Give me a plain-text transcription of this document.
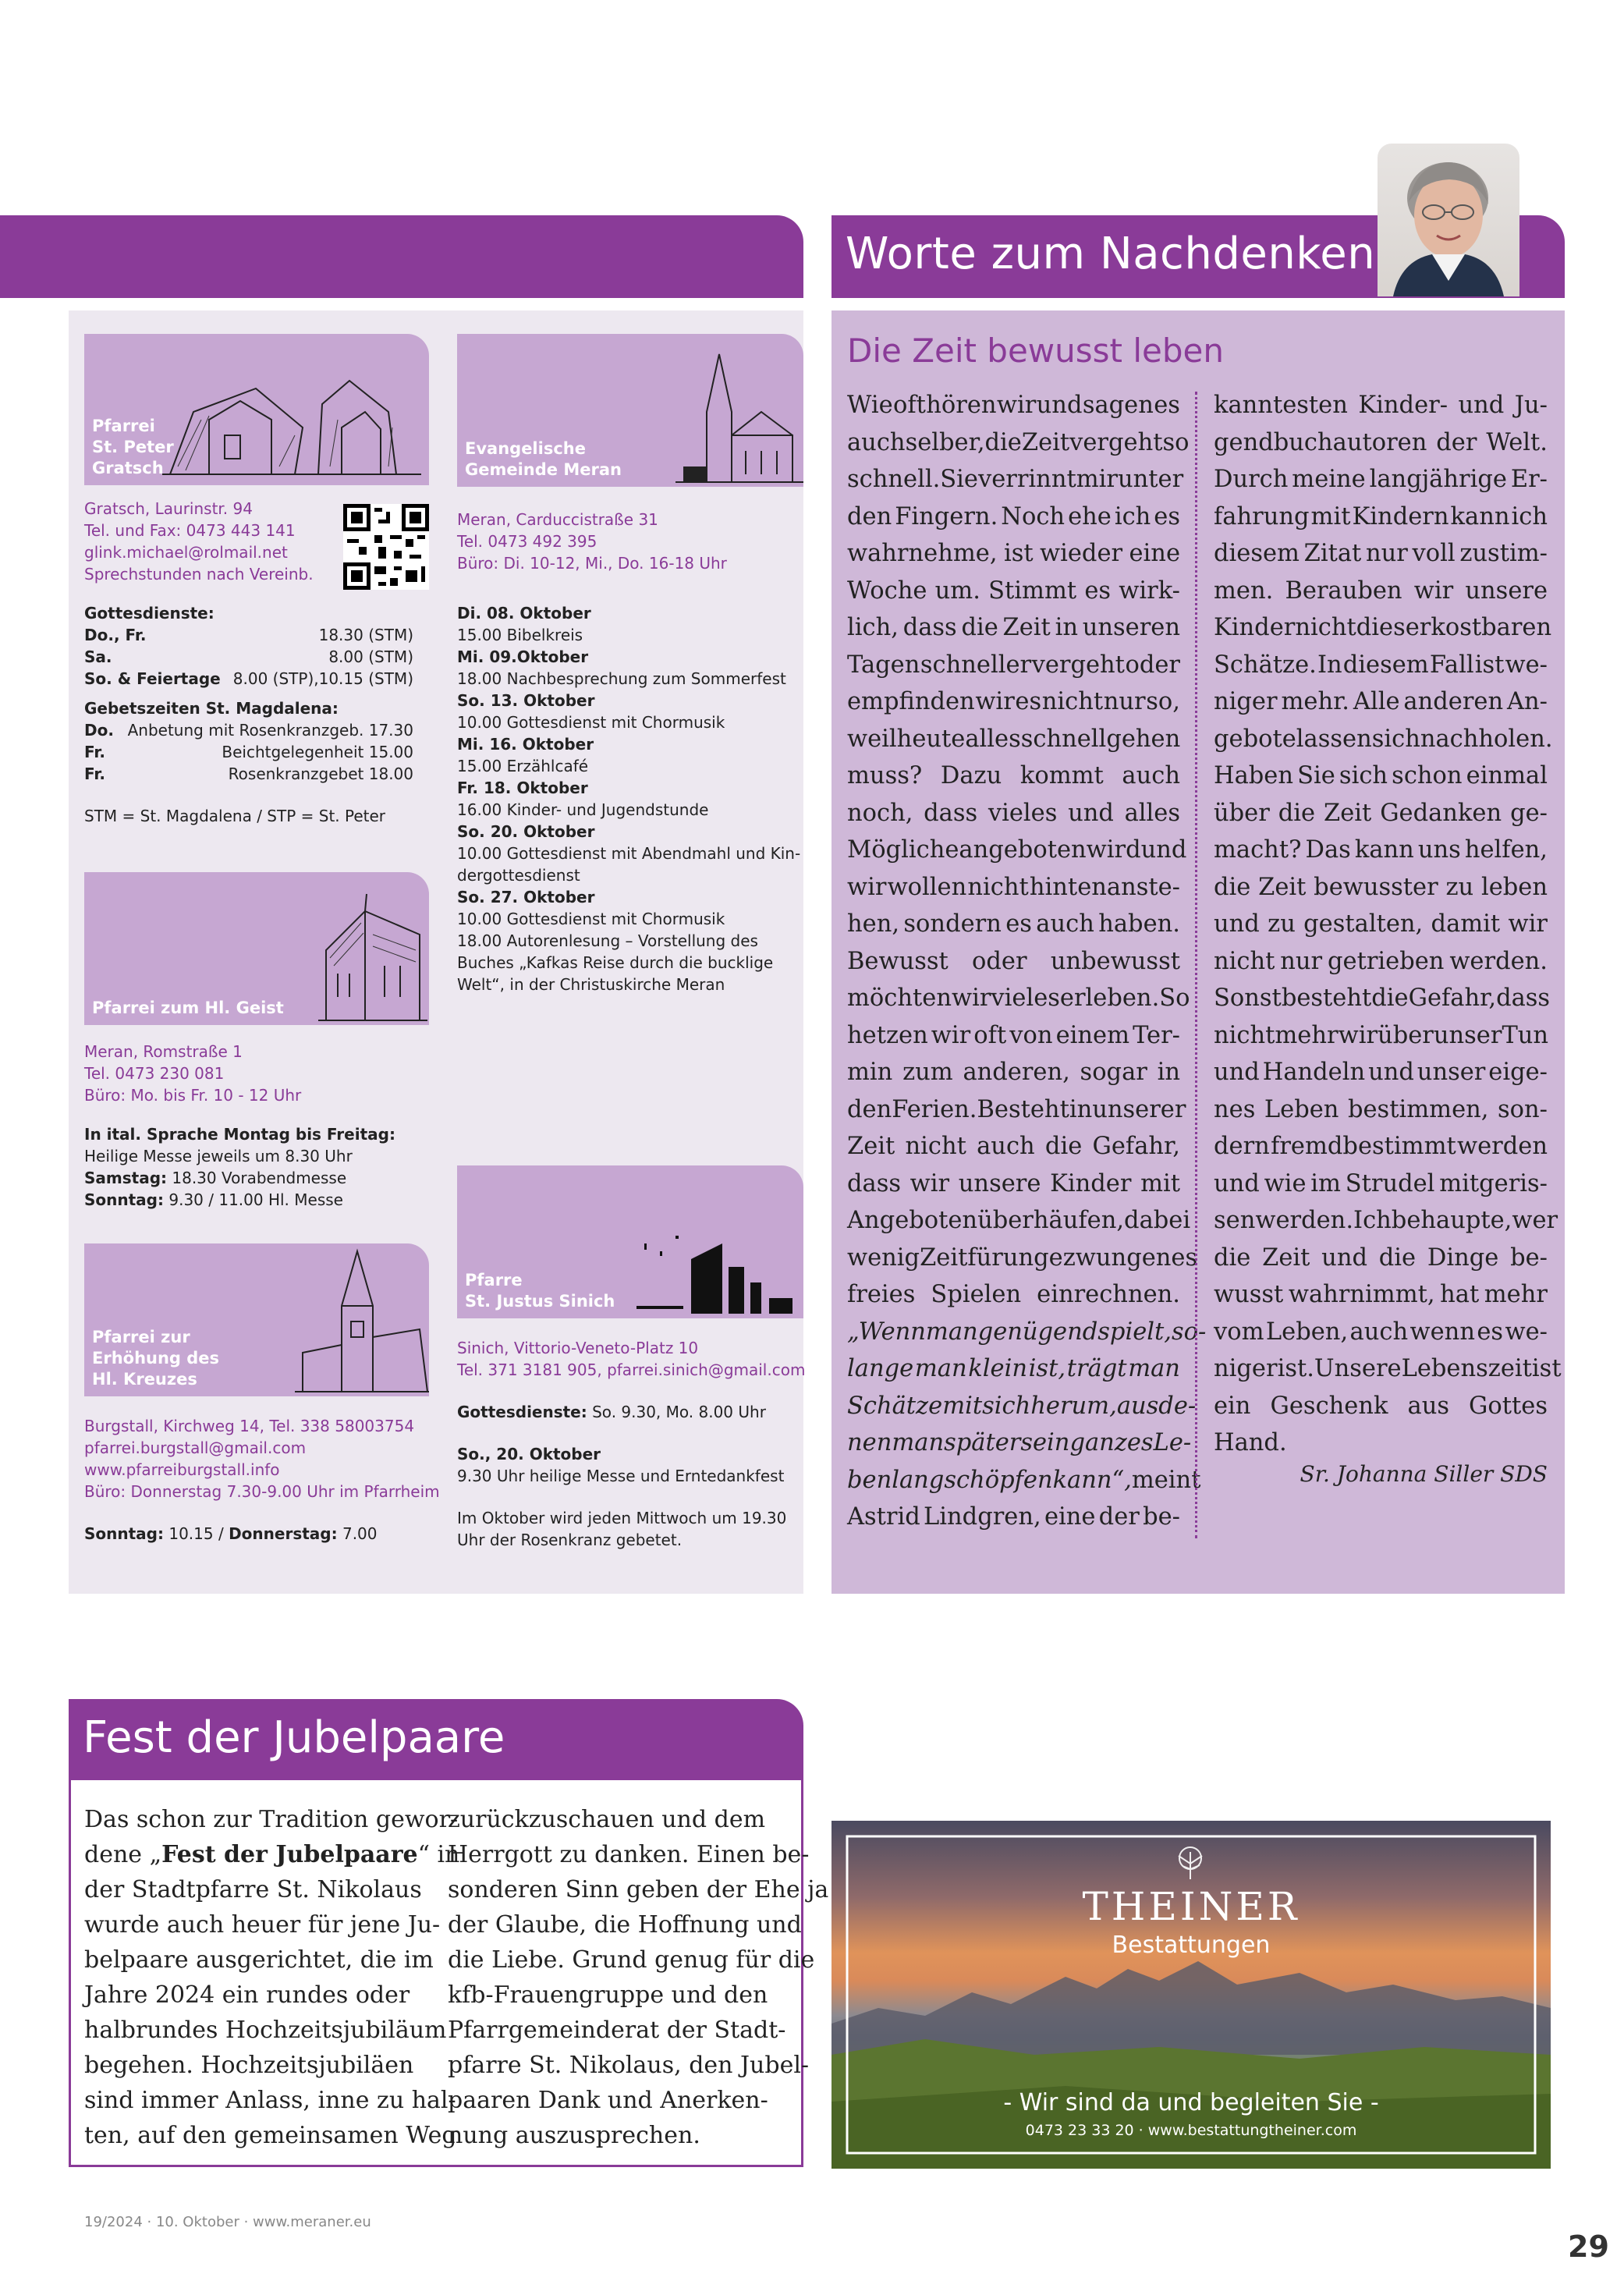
Worte zum Nachdenken
Pfarrei
St. Peter
Gratsch
Gratsch, Laurinstr. 94
Tel. und Fax: 0473 443 141
glink.michael@rolmail.net
Sprechstunden nach Vereinb.
Gottesdienste:
Do., Fr.	18.30 (STM)
Sa.	8.00 (STM)
So. & Feiertage 8.00 (STP),10.15 (STM)
Gebetszeiten St. Magdalena:
Do. Anbetung mit Rosenkranzgeb. 17.30
Fr.	Beichtgelegenheit 15.00
Fr.	Rosenkranzgebet 18.00
STM = St. Magdalena / STP = St. Peter
Pfarrei zum Hl. Geist
Meran, Romstraße 1
Tel. 0473 230 081
Büro: Mo. bis Fr. 10 - 12 Uhr
In ital. Sprache Montag bis Freitag:
Heilige Messe jeweils um 8.30 Uhr
Samstag: 18.30 Vorabendmesse
Sonntag: 9.30 / 11.00 Hl. Messe
Pfarrei zur
Erhöhung des
Hl. Kreuzes
Burgstall, Kirchweg 14, Tel. 338 58003754
pfarrei.burgstall@gmail.com
www.pfarreiburgstall.info
Büro: Donnerstag 7.30-9.00 Uhr im Pfarrheim
Sonntag: 10.15 / Donnerstag: 7.00
Evangelische
Gemeinde Meran
Meran, Carduccistraße 31
Tel. 0473 492 395
Büro: Di. 10-12, Mi., Do. 16-18 Uhr
Di. 08. Oktober
15.00 Bibelkreis
Mi. 09.Oktober
18.00 Nachbesprechung zum Sommerfest
So. 13. Oktober
10.00 Gottesdienst mit Chormusik
Mi. 16. Oktober
15.00 Erzählcafé
Fr. 18. Oktober
16.00 Kinder- und Jugendstunde
So. 20. Oktober
10.00 Gottesdienst mit Abendmahl und Kin-
dergottesdienst
So. 27. Oktober
10.00 Gottesdienst mit Chormusik
18.00 Autorenlesung – Vorstellung des
Buches „Kafkas Reise durch die bucklige
Welt“, in der Christuskirche Meran
Pfarre
St. Justus Sinich
Sinich, Vittorio-Veneto-Platz 10
Tel. 371 3181 905, pfarrei.sinich@gmail.com
Gottesdienste: So. 9.30, Mo. 8.00 Uhr
So., 20. Oktober
9.30 Uhr heilige Messe und Erntedankfest
Im Oktober wird jeden Mittwoch um 19.30
Uhr der Rosenkranz gebetet.
Die Zeit bewusst leben
Wie oft hören wir und sagen es
auch selber, die Zeit vergeht so
schnell. Sie verrinnt mir unter
den Fingern. Noch ehe ich es
wahrnehme, ist wieder eine
Woche um. Stimmt es wirk-
lich, dass die Zeit in unseren
Tagen schneller vergeht oder
empfinden wir es nicht nur so,
weil heute alles schnell gehen
muss? Dazu kommt auch
noch, dass vieles und alles
Mögliche angeboten wird und
wir wollen nicht hintenanste-
hen, sondern es auch haben.
Bewusst oder unbewusst
möchten wir vieles erleben. So
hetzen wir oft von einem Ter-
min zum anderen, sogar in
den Ferien. Besteht in unserer
Zeit nicht auch die Gefahr,
dass wir unsere Kinder mit
Angeboten überhäufen, dabei
wenig Zeit für ungezwungenes
freies Spielen einrechnen.
„Wenn man genügend spielt, so-
lange man klein ist, trägt man
Schätze mit sich herum, aus de-
nen man später sein ganzes Le-
ben lang schöpfen kann“, meint
Astrid Lindgren, eine der be-
kanntesten Kinder- und Ju-
gendbuchautoren der Welt.
Durch meine langjährige Er-
fahrung mit Kindern kann ich
diesem Zitat nur voll zustim-
men. Berauben wir unsere
Kinder nicht dieser kostbaren
Schätze. In diesem Fall ist we-
niger mehr. Alle anderen An-
gebote lassen sich nachholen.
Haben Sie sich schon einmal
über die Zeit Gedanken ge-
macht? Das kann uns helfen,
die Zeit bewusster zu leben
und zu gestalten, damit wir
nicht nur getrieben werden.
Sonst besteht die Gefahr, dass
nicht mehr wir über unser Tun
und Handeln und unser eige-
nes Leben bestimmen, son-
dern fremdbestimmt werden
und wie im Strudel mitgeris-
sen werden. Ich behaupte, wer
die Zeit und die Dinge be-
wusst wahrnimmt, hat mehr
vom Leben, auch wenn es we-
niger ist. Unsere Lebenszeit ist
ein Geschenk aus Gottes
Hand.
Sr. Johanna Siller SDS
Fest der Jubelpaare
Das schon zur Tradition gewor-
dene „Fest der Jubelpaare“ in
der Stadtpfarre St. Nikolaus
wurde auch heuer für jene Ju-
belpaare ausgerichtet, die im
Jahre 2024 ein rundes oder
halbrundes Hochzeitsjubiläum
begehen. Hochzeitsjubiläen
sind immer Anlass, inne zu hal-
ten, auf den gemeinsamen Weg
zurückzuschauen und dem
Herrgott zu danken. Einen be-
sonderen Sinn geben der Ehe ja
der Glaube, die Hoffnung und
die Liebe. Grund genug für die
kfb-Frauengruppe und den
Pfarrgemeinderat der Stadt-
pfarre St. Nikolaus, den Jubel-
paaren Dank und Anerken-
nung auszusprechen.
THEINER
Bestattungen
- Wir sind da und begleiten Sie -
0473 23 33 20 · www.bestattungtheiner.com
19/2024 · 10. Oktober · www.meraner.eu
29
